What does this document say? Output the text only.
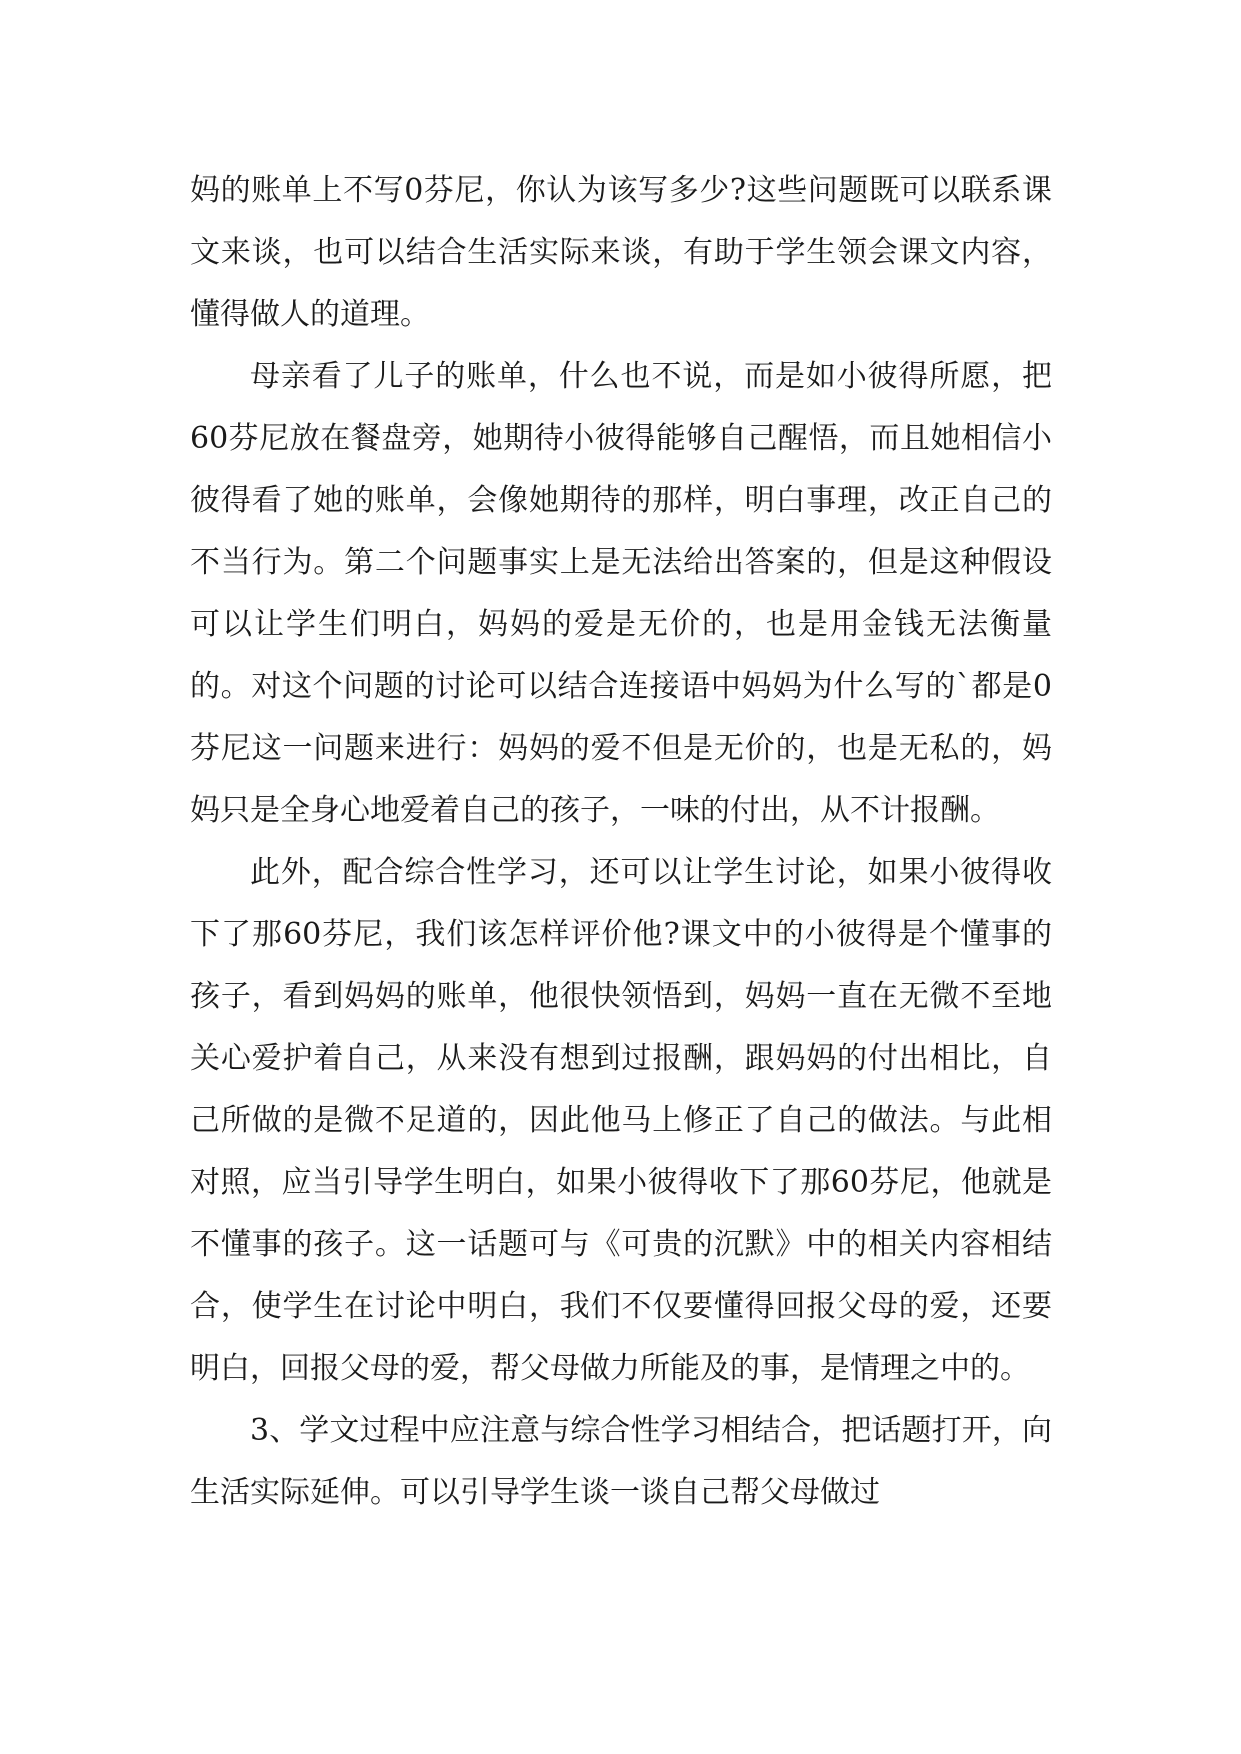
妈的账单上不写0芬尼，你认为该写多少?这些问题既可以联系课文来谈，也可以结合生活实际来谈，有助于学生领会课文内容，懂得做人的道理。

母亲看了儿子的账单，什么也不说，而是如小彼得所愿，把60芬尼放在餐盘旁，她期待小彼得能够自己醒悟，而且她相信小彼得看了她的账单，会像她期待的那样，明白事理，改正自己的不当行为。第二个问题事实上是无法给出答案的，但是这种假设可以让学生们明白，妈妈的爱是无价的，也是用金钱无法衡量的。对这个问题的讨论可以结合连接语中妈妈为什么写的`都是0芬尼这一问题来进行：妈妈的爱不但是无价的，也是无私的，妈妈只是全身心地爱着自己的孩子，一味的付出，从不计报酬。

此外，配合综合性学习，还可以让学生讨论，如果小彼得收下了那60芬尼，我们该怎样评价他?课文中的小彼得是个懂事的孩子，看到妈妈的账单，他很快领悟到，妈妈一直在无微不至地关心爱护着自己，从来没有想到过报酬，跟妈妈的付出相比，自己所做的是微不足道的，因此他马上修正了自己的做法。与此相对照，应当引导学生明白，如果小彼得收下了那60芬尼，他就是不懂事的孩子。这一话题可与《可贵的沉默》中的相关内容相结合，使学生在讨论中明白，我们不仅要懂得回报父母的爱，还要明白，回报父母的爱，帮父母做力所能及的事，是情理之中的。

3、学文过程中应注意与综合性学习相结合，把话题打开，向生活实际延伸。可以引导学生谈一谈自己帮父母做过
